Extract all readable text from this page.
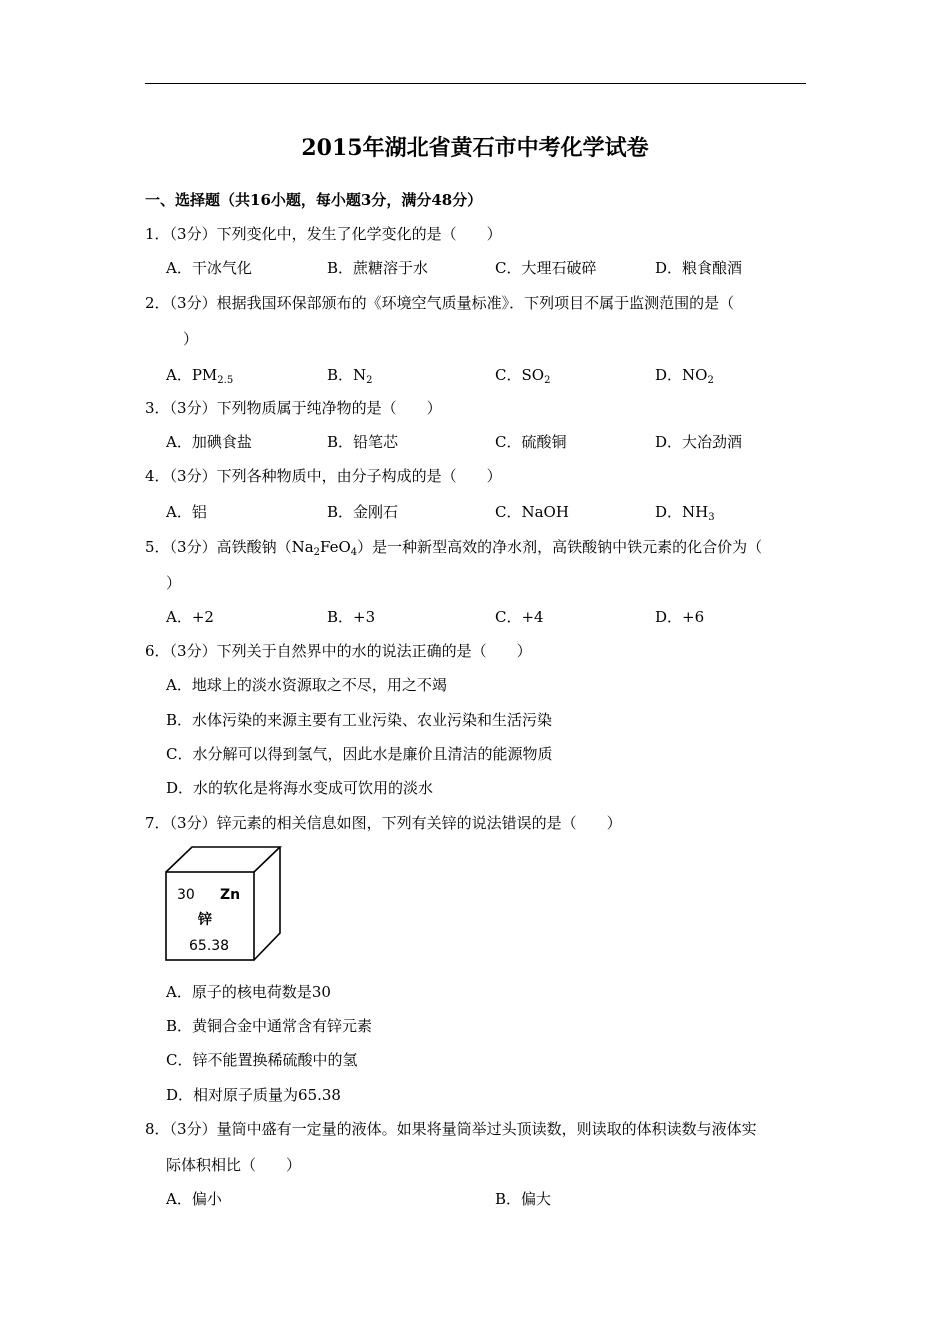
2015年湖北省黄石市中考化学试卷
一、选择题（共16小题，每小题3分，满分48分）
1．（3分）下列变化中，发生了化学变化的是（　　）
A．干冰气化	B．蔗糖溶于水	C．大理石破碎	D．粮食酿酒
2．（3分）根据我国环保部颁布的《环境空气质量标准》．下列项目不属于监测范围的是（
）
A．$PM_{2.5}$	B．$N_2$	C．$SO_2$	D．$NO_2$
3．（3分）下列物质属于纯净物的是（　　）
A．加碘食盐	B．铅笔芯	C．硫酸铜	D．大冶劲酒
4．（3分）下列各种物质中，由分子构成的是（　　）
A．铝	B．金刚石	C．NaOH	D．$NH_3$
5．（3分）高铁酸钠$(Na_2FeO_4)$是一种新型高效的净水剂，高铁酸钠中铁元素的化合价为（
）
A．+2	B．+3	C．+4	D．+6
6．（3分）下列关于自然界中的水的说法正确的是（　　）
A．地球上的淡水资源取之不尽，用之不竭
B．水体污染的来源主要有工业污染、农业污染和生活污染
C．水分解可以得到氢气，因此水是廉价且清洁的能源物质
D．水的软化是将海水变成可饮用的淡水
7．（3分）锌元素的相关信息如图，下列有关锌的说法错误的是（　　）
30 Zn
锌
65.38
A．原子的核电荷数是30
B．黄铜合金中通常含有锌元素
C．锌不能置换稀硫酸中的氢
D．相对原子质量为65.38
8．（3分）量筒中盛有一定量的液体。如果将量筒举过头顶读数，则读取的体积读数与液体实
际体积相比（　　）
A．偏小	B．偏大
